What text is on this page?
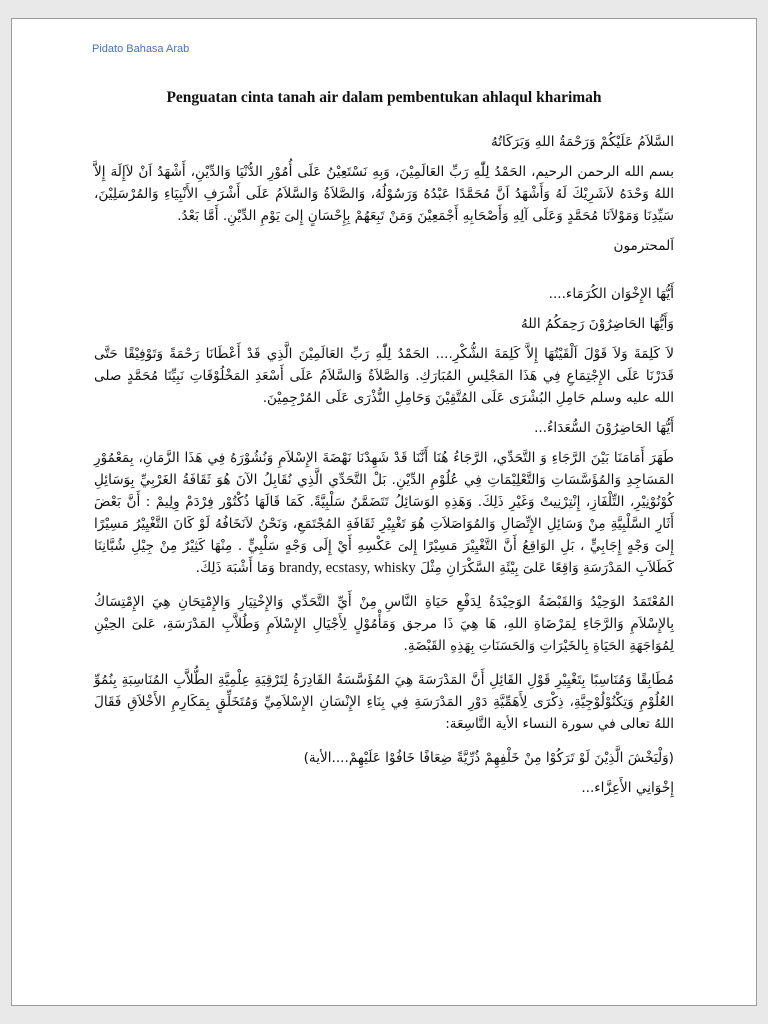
Pidato Bahasa Arab
Penguatan cinta tanah air dalam pembentukan ahlaqul kharimah

السَّلاَمُ عَلَيْكُمْ وَرَحْمَةُ اللهِ وَبَرَكَاتُهُ

بسم الله الرحمن الرحيم، الحَمْدُ لِلّٰهِ رَبِّ العَالَمِيْنَ، وَبِهِ نَسْتَعِيْنُ عَلَى أُمُوْرِ الدُّنْيَا وَالدِّيْنِ، أَشْهَدُ اَنْ لاَإِلَهَ إِلاَّ اللهُ وَحْدَهُ لاَشَرِيْكَ لَهُ وَأَشْهَدُ اَنَّ مُحَمَّدًا عَبْدُهُ وَرَسُوْلُهُ، وَالصَّلاَةُ وَالسَّلاَمُ عَلَى أَشْرَفِ الأَنْبِيَاءِ وَالمُرْسَلِيْنَ، سَيِّدِنَا وَمَوْلاَنَا مُحَمَّدٍ وَعَلَى آلِهِ وَأَصْحَابِهِ أَجْمَعِيْنَ وَمَنْ تَبِعَهُمْ بِإِحْسَانٍ إِلىَ يَوْمِ الدِّيْنِ. أَمَّا بَعْدُ.

اَلمحترمون

أَيُّهَا الإِخْوَان الكُرَمَاء....

وَأَيُّهَا الحَاضِرُوْنَ رَحِمَكُمُ اللهُ

لاَ كَلِمَةَ وَلاَ قَوْلَ اَلْقَيْتُهَا إِلاَّ كَلِمَةَ الشُّكْرِ.... الحَمْدُ لِلّٰهِ رَبِّ العَالَمِيْنَ الَّذِي قَدْ أَعْطَانَا رَحْمَةً وَتَوْفِيْقًا حَتَّى قَدَرْنَا عَلَى الإِجْتِمَاعِ فِي هَذَا المَجْلِسِ المُبَارَكِ. وَالصَّلاَةُ وَالسَّلاَمُ عَلَى أَسْعَدِ المَخْلُوْقَاتِ نَبِيِّنَا مُحَمَّدٍ صلى الله عليه وسلم حَامِلِ البُشْرَى عَلَى المُتَّقِيْنَ وَحَامِلِ النُّذْرَى عَلَى المُرْجِمِيْنَ.

أَيُّهَا الحَاضِرُوْنَ السُّعَدَاءُ...

طَهَرَ أَمَامَنَا بَيْنَ الرَّجَاءِ وَ التَّحَدِّي، الرَّجَاءُ هُنَا أَنَّنَا قَدْ شَهِدْنَا نَهْضَةَ الإِسْلاَمِ وَنُشُوْرَهُ فِي هَذَا الزَّمَانِ، بِمَعْمُوْرِ المَسَاجِدِ وَالمُؤَسَّسَاتِ وَالتَّعْلِيْمَاتِ فِي عُلُوْمِ الدِّيْنِ. بَلْ التَّحَدِّي الَّذِي نُقَابِلُ الآنَ هُوَ ثَقَافَةُ الغَرْبِيِّ بِوَسَائِلِ كُوْنُوْنِيْرِ، التِّلْفَازِ، إِنْتِرْنِيتْ وَغَيْرِ ذَلِكَ. وَهَذِهِ الوَسَائِلُ تَتَضَمَّنُ سَلْبِيَّةً. كَمَا قَالَهَا ذُكْتُوْر فِرْدَمْ وِلِيمْ : أَنَّ بَعْضَ أَثَارِ السَّلْبِيَّةِ مِنْ وَسَائِلِ الإِتِّصَالِ وَالمُوَاصَلاَتِ هُوَ تَغْيِيْرِ ثَقَافَةِ المُجْتَمَعِ، وَنَحْنُ لاَنَخَافُهُ لَوْ كَانَ التَّغْيِيْرُ مَسِيْرًا إِلىَ وَجْهٍ إِجَابِيٍّ ، بَلِ الوَاقِعُ أَنَّ التَّغْيِيْرَ مَسِيْرًا إِلىَ عَكْسِهِ أَيْ إِلَى وَجْهٍ سَلْبِيٍّ . مِنْهَا كَثِيْرٌ مِنْ جِيْلِ شُبَّانِنَا كَطَلاَبِ المَدْرَسَةِ وَاقِعًا عَلىَ بِيْئَةِ السَّكْرَانِ مِثْلَ brandy, ecstasy, whisky وَمَا أَشْبَهَ ذَلِكَ.

المُعْتَمَدُ الوَحِيْدُ وَالقَبْضَةُ الوَحِيْدَةُ لِدَفْعِ حَيَاةِ النَّاسِ مِنْ أَيِّ التَّحَدِّي وَالإِخْتِيَارِ وَالإِمْتِحَانِ هِيَ الإِمْتِسَاكُ بِالإِسْلاَمِ وَالرَّجَاءِ لِمَرْضَاةِ اللهِ، هَا هِيَ ذَا مرجق وَمَأْمُوْلٍ لِأَجْيَالِ الإِسْلاَمِ وَطُلاَّبِ المَدْرَسَةِ، عَلىَ الحِيْنِ لِمُوَاجَهَةِ الحَيَاةِ بِالخَيْرَاتِ وَالحَسَنَاتِ بِهَذِهِ القَبْضَةِ.

مُطَابِقًا وَمُنَاسِبًا بِتَغْيِيْرِ قَوْلِ القَائِلِ أَنَّ المَدْرَسَةَ هِيَ المُؤَسَّسَةُ القَادِرَةُ لِتَرْقِيَةِ عِلْمِيَّةِ الطُّلاَّبِ المُنَاسِبَةِ بِنُمُوِّ العُلُوْمِ وَتِكْنُوْلُوْجِيَّةِ، ذِكْرَى لِأَهَمِّيَّةِ دَوْرِ المَدْرَسَةِ فِي بِنَاءِ الإِنْسَانِ الإِسْلاَمِيِّ وَمُتَخَلِّقٍ بِمَكَارِمِ الأَخْلاَقِ فَقَالَ اللهُ تعالى في سورة النساء الأية التَّاسِعَة:

(وَلْيَخْشَ الَّذِيْنَ لَوْ تَرَكُوْا مِنْ خَلْفِهِمْ ذُرِّيَّةً ضِعَافًا خَافُوْا عَلَيْهِمْ....الأية)

إِخْوَانِي الأَعِزَّاء...
